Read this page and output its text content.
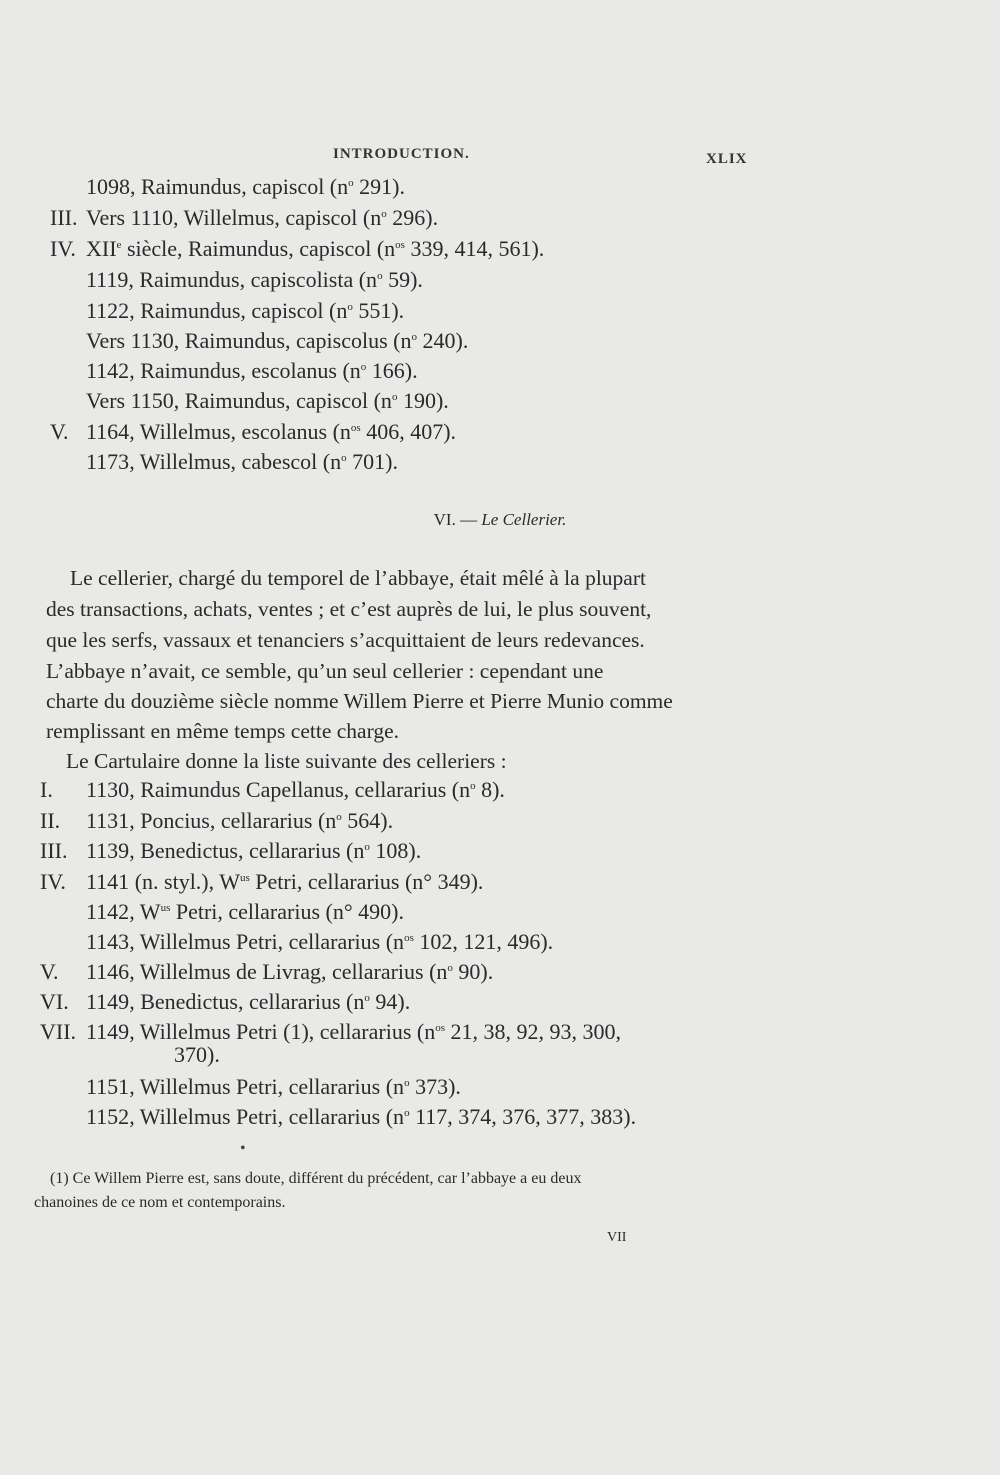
INTRODUCTION.	XLIX
1098, Raimundus, capiscol ($n^o$ 291).
III. Vers 1110, Willelmus, capiscol ($n^o$ 296).
IV. XIIe siècle, Raimundus, capiscol ($n^{os}$ 339, 414, 561).
1119, Raimundus, capiscolista ($n^o$ 59).
1122, Raimundus, capiscol ($n^o$ 551).
Vers 1130, Raimundus, capiscolus ($n^o$ 240).
1142, Raimundus, escolanus ($n^o$ 166).
Vers 1150, Raimundus, capiscol ($n^o$ 190).
V. 1164, Willelmus, escolanus ($n^{os}$ 406, 407).
1173, Willelmus, cabescol ($n^o$ 701).
VI. — Le Cellerier.
Le cellerier, chargé du temporel de l’abbaye, était mêlé à la plupart
des transactions, achats, ventes ; et c’est auprès de lui, le plus souvent,
que les serfs, vassaux et tenanciers s’acquittaient de leurs redevances.
L’abbaye n’avait, ce semble, qu’un seul cellerier : cependant une
charte du douzième siècle nomme Willem Pierre et Pierre Munio comme
remplissant en même temps cette charge.
Le Cartulaire donne la liste suivante des celleriers :
I. 1130, Raimundus Capellanus, cellararius ($n^o$ 8).
II. 1131, Poncius, cellararius ($n^o$ 564).
III. 1139, Benedictus, cellararius ($n^o$ 108).
IV. 1141 (n. styl.), $W^{us}$ Petri, cellararius (n° 349).
1142, $W^{us}$ Petri, cellararius (n° 490).
1143, Willelmus Petri, cellararius ($n^{os}$ 102, 121, 496).
V. 1146, Willelmus de Livrag, cellararius ($n^o$ 90).
VI. 1149, Benedictus, cellararius ($n^o$ 94).
VII. 1149, Willelmus Petri (1), cellararius ($n^{os}$ 21, 38, 92, 93, 300,
370).
1151, Willelmus Petri, cellararius ($n^o$ 373).
1152, Willelmus Petri, cellararius ($n^o$ 117, 374, 376, 377, 383).
•
(1) Ce Willem Pierre est, sans doute, différent du précédent, car l’abbaye a eu deux
chanoines de ce nom et contemporains.
VII
